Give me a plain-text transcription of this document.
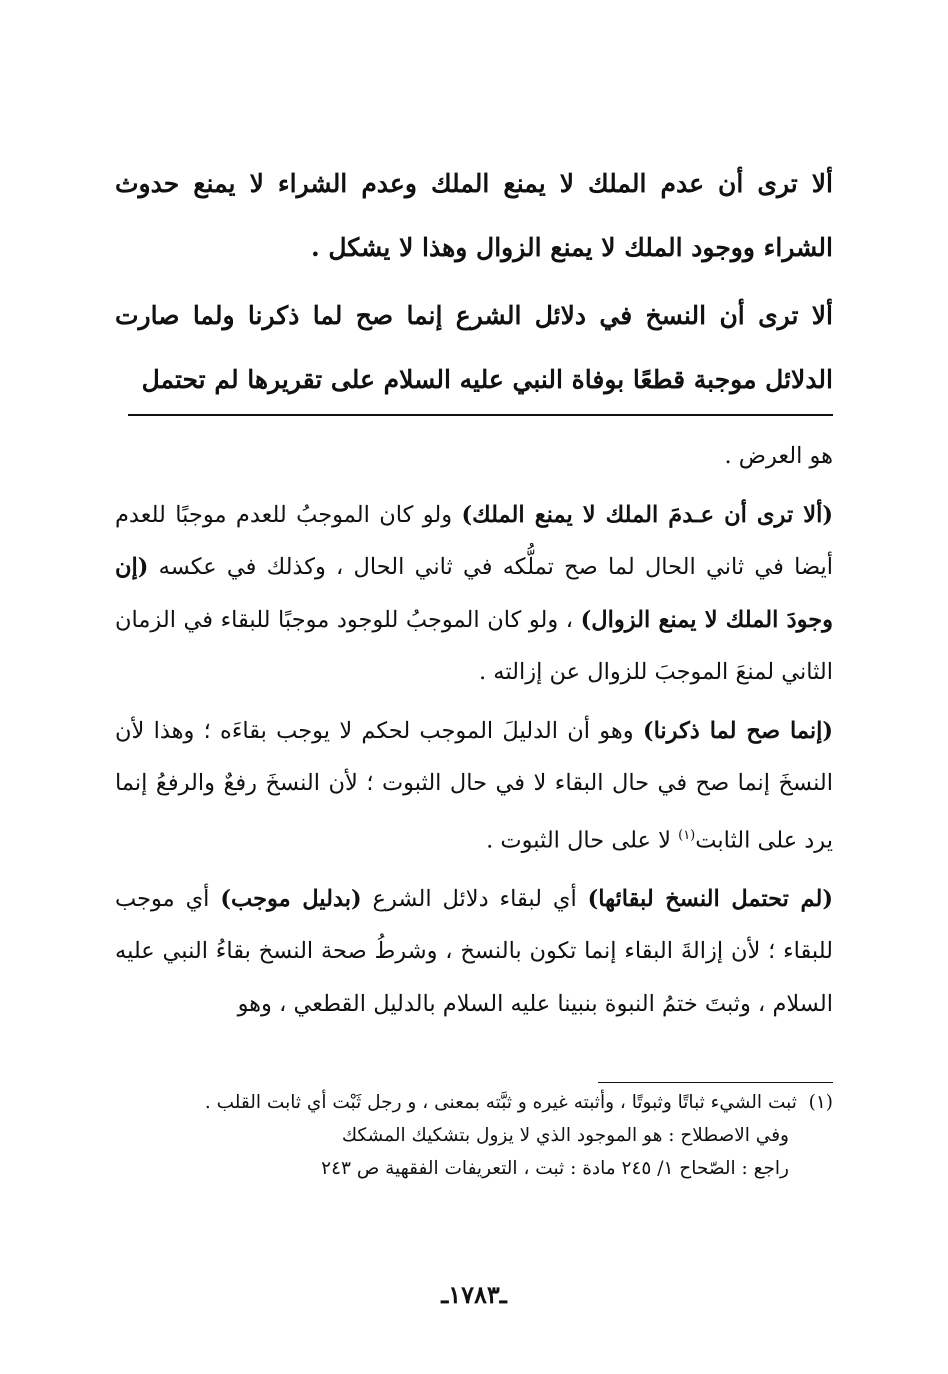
ألا ترى أن عدم الملك لا يمنع الملك وعدم الشراء لا يمنع حدوث الشراء ووجود الملك لا يمنع الزوال وهذا لا يشكل .

ألا ترى أن النسخ في دلائل الشرع إنما صح لما ذكرنا ولما صارت الدلائل موجبة قطعًا بوفاة النبي عليه السلام على تقريرها لم تحتمل

هو العرض .

(ألا ترى أن عـدمَ الملك لا يمنع الملك) ولو كان الموجبُ للعدم موجبًا للعدم أيضا في ثاني الحال لما صح تملُّكه في ثاني الحال ، وكذلك في عكسه (إن وجودَ الملك لا يمنع الزوال) ، ولو كان الموجبُ للوجود موجبًا للبقاء في الزمان الثاني لمنعَ الموجبَ للزوال عن إزالته .

(إنما صح لما ذكرنا) وهو أن الدليلَ الموجب لحكم لا يوجب بقاءَه ؛ وهذا لأن النسخَ إنما صح في حال البقاء لا في حال الثبوت ؛ لأن النسخَ رفعٌ والرفعُ إنما يرد على الثابت$^{(١)}$ لا على حال الثبوت .

(لم تحتمل النسخ لبقائها) أي لبقاء دلائل الشرع (بدليل موجب) أي موجب للبقاء ؛ لأن إزالةَ البقاء إنما تكون بالنسخ ، وشرطُ صحة النسخ بقاءُ النبي عليه السلام ، وثبتَ ختمُ النبوة بنبينا عليه السلام بالدليل القطعي ، وهو

(١)  ثبت الشيء ثباتًا وثبوتًا ، وأثبته غيره و ثبَّته بمعنى ، و رجل ثَبْت أي ثابت القلب .

وفي الاصطلاح : هو الموجود الذي لا يزول بتشكيك المشكك

راجع : الصّحاح ١/ ٢٤٥ مادة : ثبت ، التعريفات الفقهية ص ٢٤٣

ـ١٧٨٣ـ
